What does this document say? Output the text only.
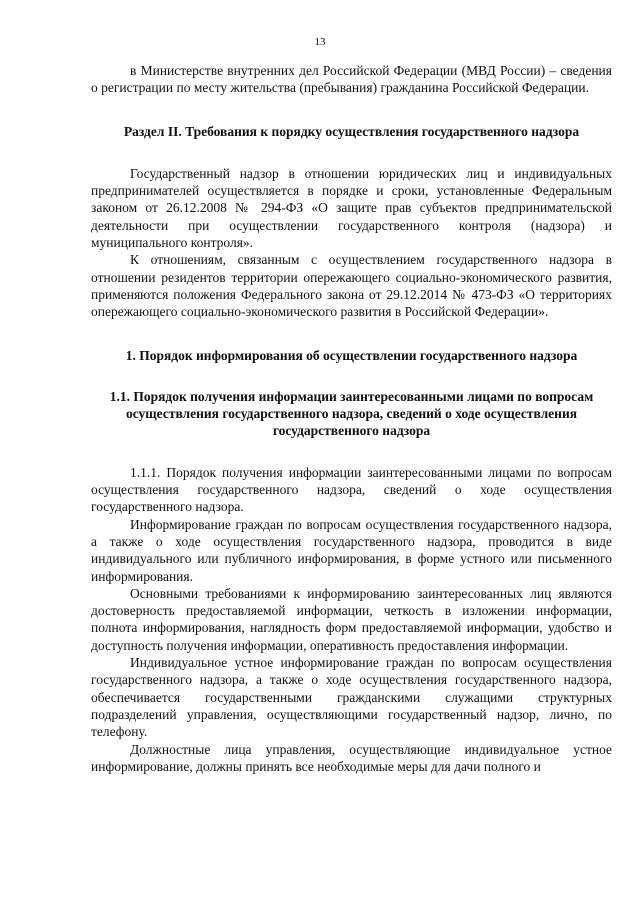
13

в Министерстве внутренних дел Российской Федерации (МВД России) – сведения о регистрации по месту жительства (пребывания) гражданина Российской Федерации.

Раздел II. Требования к порядку осуществления государственного надзора

Государственный надзор в отношении юридических лиц и индивидуальных предпринимателей осуществляется в порядке и сроки, установленные Федеральным законом от 26.12.2008 № 294-ФЗ «О защите прав субъектов предпринимательской деятельности при осуществлении государственного контроля (надзора) и муниципального контроля».

К отношениям, связанным с осуществлением государственного надзора в отношении резидентов территории опережающего социально-экономического развития, применяются положения Федерального закона от 29.12.2014 № 473-ФЗ «О территориях опережающего социально-экономического развития в Российской Федерации».

1. Порядок информирования об осуществлении государственного надзора
1.1. Порядок получения информации заинтересованными лицами по вопросам осуществления государственного надзора, сведений о ходе осуществления государственного надзора

1.1.1. Порядок получения информации заинтересованными лицами по вопросам осуществления государственного надзора, сведений о ходе осуществления государственного надзора.

Информирование граждан по вопросам осуществления государственного надзора, а также о ходе осуществления государственного надзора, проводится в виде индивидуального или публичного информирования, в форме устного или письменного информирования.

Основными требованиями к информированию заинтересованных лиц являются достоверность предоставляемой информации, четкость в изложении информации, полнота информирования, наглядность форм предоставляемой информации, удобство и доступность получения информации, оперативность предоставления информации.

Индивидуальное устное информирование граждан по вопросам осуществления государственного надзора, а также о ходе осуществления государственного надзора, обеспечивается государственными гражданскими служащими структурных подразделений управления, осуществляющими государственный надзор, лично, по телефону.

Должностные лица управления, осуществляющие индивидуальное устное информирование, должны принять все необходимые меры для дачи полного и
